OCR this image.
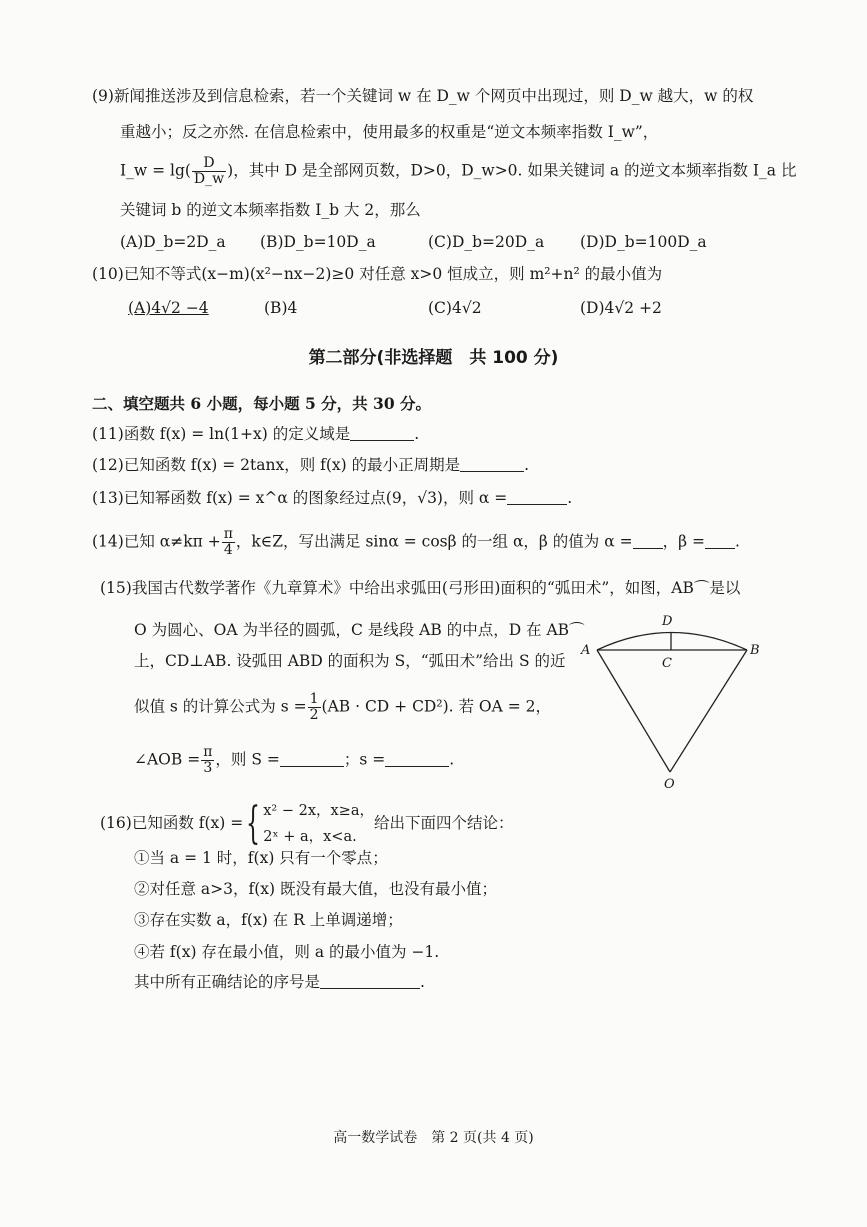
(9)新闻推送涉及到信息检索，若一个关键词 w 在 D_w 个网页中出现过，则 D_w 越大，w 的权
重越小；反之亦然. 在信息检索中，使用最多的权重是“逆文本频率指数 I_w”，
I_w = $\lg( \frac{D}{D\_w}$ )，其中 D 是全部网页数，D>0，D_w>0. 如果关键词 a 的逆文本频率指数 I_a 比
关键词 b 的逆文本频率指数 I_b 大 2，那么
(A)D_b=2D_a (B)D_b=10D_a	(C)D_b=20D_a (D)D_b=100D_a
(10)已知不等式(x−m)(x²−nx−2)≥0 对任意 x>0 恒成立，则 m²+n² 的最小值为
(A)4√2 −4	(B)4	(C)4√2	(D)4√2 +2
第二部分(非选择题　共 100 分)
二、填空题共 6 小题，每小题 5 分，共 30 分。
(11)函数 f(x) = ln(1+x) 的定义域是	.
(12)已知函数 f(x) = 2tanx，则 f(x) 的最小正周期是	.
(13)已知幂函数 f(x) = x^α 的图象经过点(9，√3)，则 α =	.
(14)已知 $\alpha\ne k\pi + \frac{\pi}{4}$ ，k∈Z，写出满足 sinα = cosβ 的一组 α，β 的值为 α = ，β = .
(15)我国古代数学著作《九章算术》中给出求弧田(弓形田)面积的“弧田术”，如图，AB⌒是以
O 为圆心、OA 为半径的圆弧，C 是线段 AB 的中点，D 在 AB⌒
上，CD⊥AB. 设弧田 ABD 的面积为 S，“弧田术”给出 S 的近
似值 s 的计算公式为 $s = \frac{1}{2} (AB$ · CD + CD²). 若 OA = 2，
∠AOB = $\frac{\pi}{3}$ ，则 S =	；s =	.
A	B
C
D
O
(16)已知函数 f(x) ={ x² − 2x，x≥a，
2ˣ + a，x<a.
给出下面四个结论：
①当 a = 1 时，f(x) 只有一个零点；
②对任意 a>3，f(x) 既没有最大值，也没有最小值；
③存在实数 a，f(x) 在 R 上单调递增；
④若 f(x) 存在最小值，则 a 的最小值为 −1.
其中所有正确结论的序号是	.
高一数学试卷　第 2 页(共 4 页)
